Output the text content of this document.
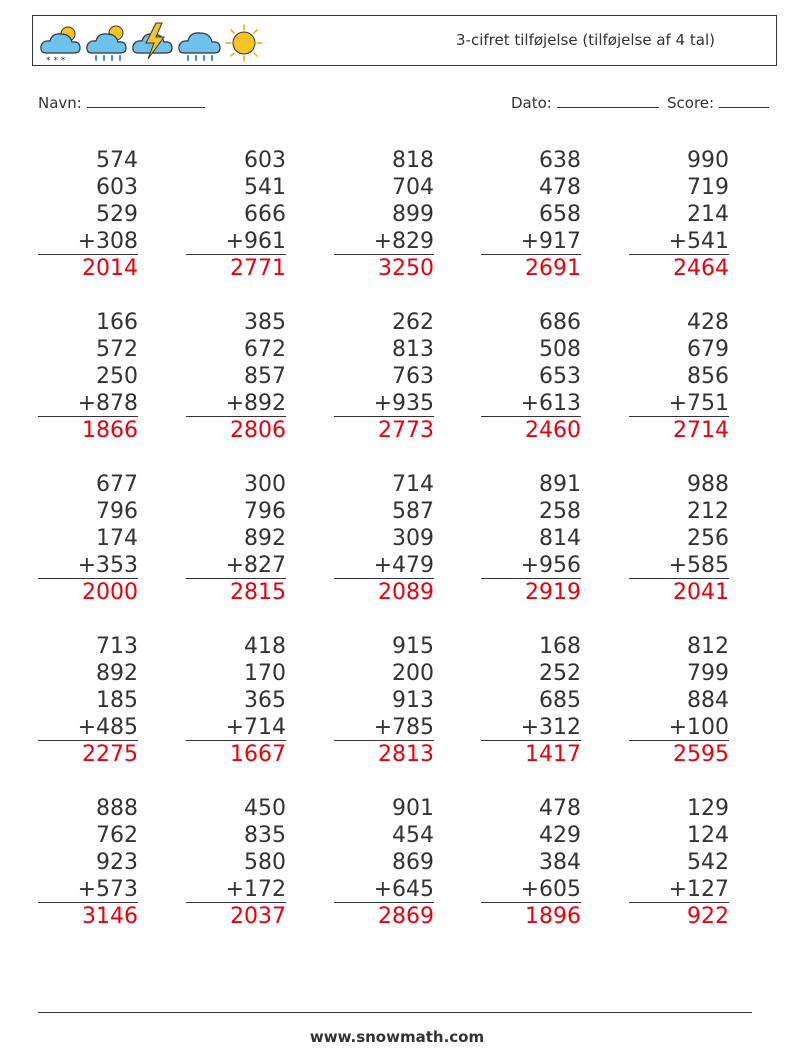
* * *
3-cifret tilføjelse (tilføjelse af 4 tal)
Navn:	Dato:	Score:
574
603
529
+308
2014
603
541
666
+961
2771
818
704
899
+829
3250
638
478
658
+917
2691
990
719
214
+541
2464
166
572
250
+878
1866
385
672
857
+892
2806
262
813
763
+935
2773
686
508
653
+613
2460
428
679
856
+751
2714
677
796
174
+353
2000
300
796
892
+827
2815
714
587
309
+479
2089
891
258
814
+956
2919
988
212
256
+585
2041
713
892
185
+485
2275
418
170
365
+714
1667
915
200
913
+785
2813
168
252
685
+312
1417
812
799
884
+100
2595
888
762
923
+573
3146
450
835
580
+172
2037
901
454
869
+645
2869
478
429
384
+605
1896
129
124
542
+127
922
www.snowmath.com
